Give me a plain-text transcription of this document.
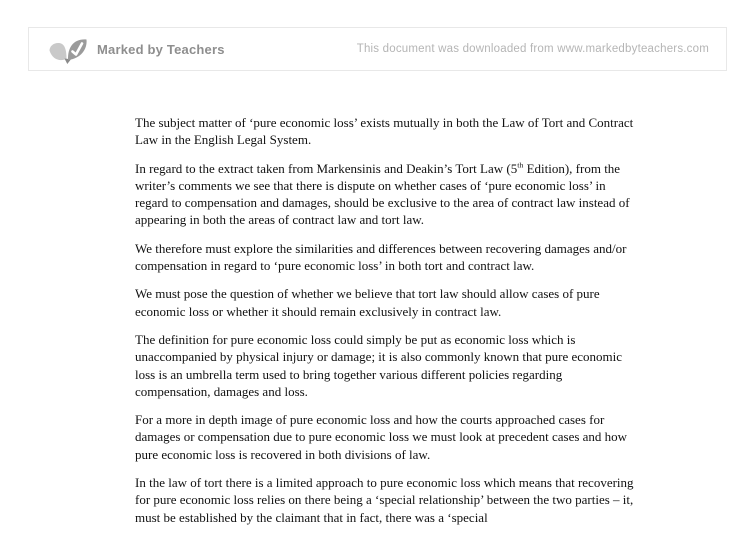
Marked by Teachers	This document was downloaded from www.markedbyteachers.com

The subject matter of ‘pure economic loss’ exists mutually in both the Law of Tort and Contract Law in the English Legal System.

In regard to the extract taken from Markensinis and Deakin’s Tort Law (5th Edition), from the writer’s comments we see that there is dispute on whether cases of ‘pure economic loss’ in regard to compensation and damages, should be exclusive to the area of contract law instead of appearing in both the areas of contract law and tort law.

We therefore must explore the similarities and differences between recovering damages and/or compensation in regard to ‘pure economic loss’ in both tort and contract law.

We must pose the question of whether we believe that tort law should allow cases of pure economic loss or whether it should remain exclusively in contract law.

The definition for pure economic loss could simply be put as economic loss which is unaccompanied by physical injury or damage; it is also commonly known that pure economic loss is an umbrella term used to bring together various different policies regarding compensation, damages and loss.

For a more in depth image of pure economic loss and how the courts approached cases for damages or compensation due to pure economic loss we must look at precedent cases and how pure economic loss is recovered in both divisions of law.

In the law of tort there is a limited approach to pure economic loss which means that recovering for pure economic loss relies on there being a ‘special relationship’ between the two parties – it, must be established by the claimant that in fact, there was a ‘special
